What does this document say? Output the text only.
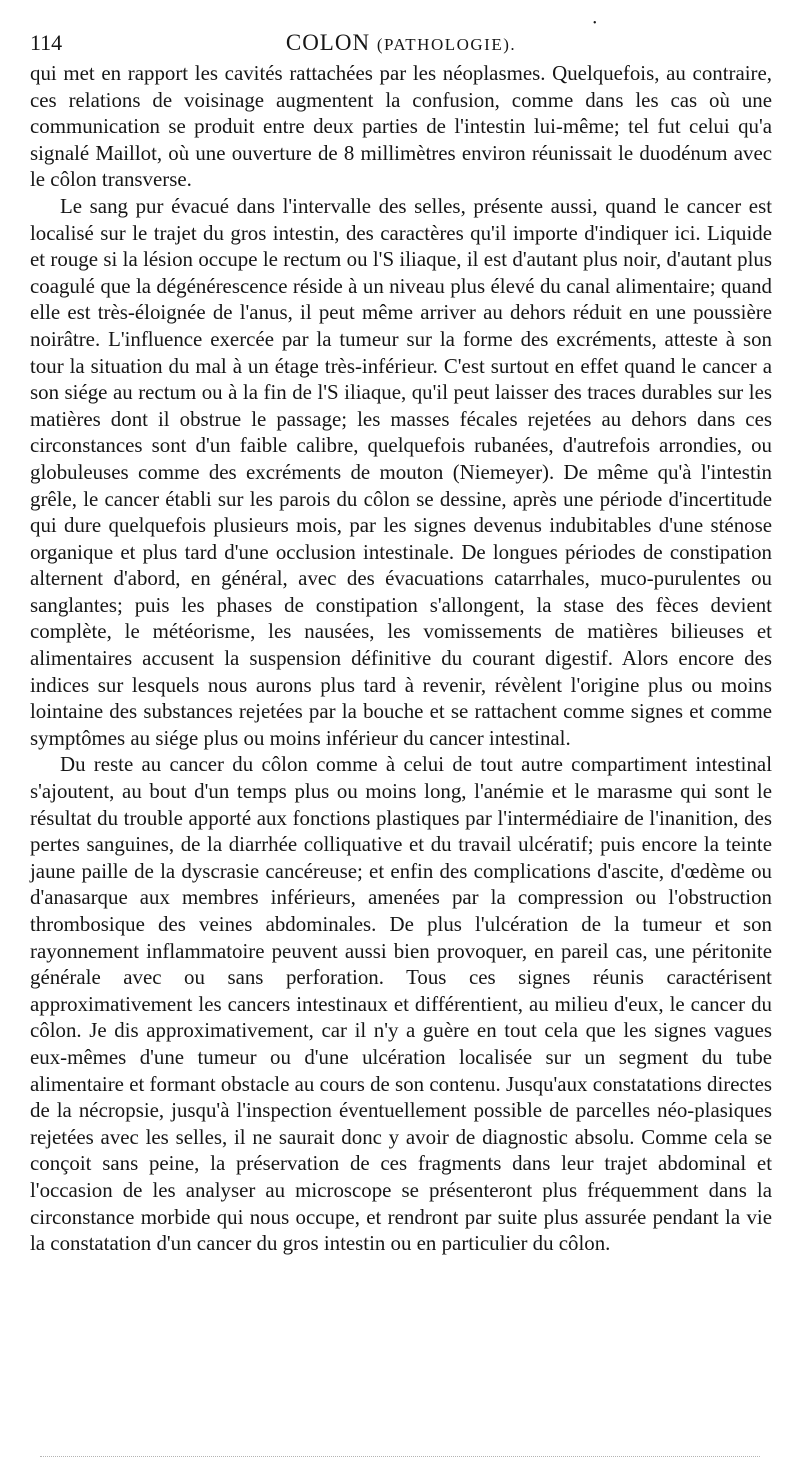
114	COLON (PATHOLOGIE).
•

qui met en rapport les cavités rattachées par les néoplasmes. Quelquefois, au contraire, ces relations de voisinage augmentent la confusion, comme dans les cas où une communication se produit entre deux parties de l'intestin lui-même; tel fut celui qu'a signalé Maillot, où une ouverture de 8 millimètres environ réunissait le duodénum avec le côlon transverse.

Le sang pur évacué dans l'intervalle des selles, présente aussi, quand le cancer est localisé sur le trajet du gros intestin, des caractères qu'il importe d'indiquer ici. Liquide et rouge si la lésion occupe le rectum ou l'S iliaque, il est d'autant plus noir, d'autant plus coagulé que la dégénérescence réside à un niveau plus élevé du canal alimentaire; quand elle est très-éloignée de l'anus, il peut même arriver au dehors réduit en une poussière noirâtre. L'influence exercée par la tumeur sur la forme des excréments, atteste à son tour la situation du mal à un étage très-inférieur. C'est surtout en effet quand le cancer a son siége au rectum ou à la fin de l'S iliaque, qu'il peut laisser des traces durables sur les matières dont il obstrue le passage; les masses fécales rejetées au dehors dans ces circonstances sont d'un faible calibre, quelquefois rubanées, d'autrefois arrondies, ou globuleuses comme des excréments de mouton (Niemeyer). De même qu'à l'intestin grêle, le cancer établi sur les parois du côlon se dessine, après une période d'incertitude qui dure quelquefois plusieurs mois, par les signes devenus indubitables d'une sténose organique et plus tard d'une occlusion intestinale. De longues périodes de constipation alternent d'abord, en général, avec des évacuations catarrhales, muco-purulentes ou sanglantes; puis les phases de constipation s'allongent, la stase des fèces devient complète, le météorisme, les nausées, les vomissements de matières bilieuses et alimentaires accusent la suspension définitive du courant digestif. Alors encore des indices sur lesquels nous aurons plus tard à revenir, révèlent l'origine plus ou moins lointaine des substances rejetées par la bouche et se rattachent comme signes et comme symptômes au siége plus ou moins inférieur du cancer intestinal.

Du reste au cancer du côlon comme à celui de tout autre compartiment intestinal s'ajoutent, au bout d'un temps plus ou moins long, l'anémie et le marasme qui sont le résultat du trouble apporté aux fonctions plastiques par l'intermédiaire de l'inanition, des pertes sanguines, de la diarrhée colliquative et du travail ulcératif; puis encore la teinte jaune paille de la dyscrasie cancéreuse; et enfin des complications d'ascite, d'œdème ou d'anasarque aux membres inférieurs, amenées par la compression ou l'obstruction thrombosique des veines abdominales. De plus l'ulcération de la tumeur et son rayonnement inflammatoire peuvent aussi bien provoquer, en pareil cas, une péritonite générale avec ou sans perforation. Tous ces signes réunis caractérisent approximativement les cancers intestinaux et différentient, au milieu d'eux, le cancer du côlon. Je dis approximativement, car il n'y a guère en tout cela que les signes vagues eux-mêmes d'une tumeur ou d'une ulcération localisée sur un segment du tube alimentaire et formant obstacle au cours de son contenu. Jusqu'aux constatations directes de la nécropsie, jusqu'à l'inspection éventuellement possible de parcelles néo-plasiques rejetées avec les selles, il ne saurait donc y avoir de diagnostic absolu. Comme cela se conçoit sans peine, la préservation de ces fragments dans leur trajet abdominal et l'occasion de les analyser au microscope se présenteront plus fréquemment dans la circonstance morbide qui nous occupe, et rendront par suite plus assurée pendant la vie la constatation d'un cancer du gros intestin ou en particulier du côlon.
